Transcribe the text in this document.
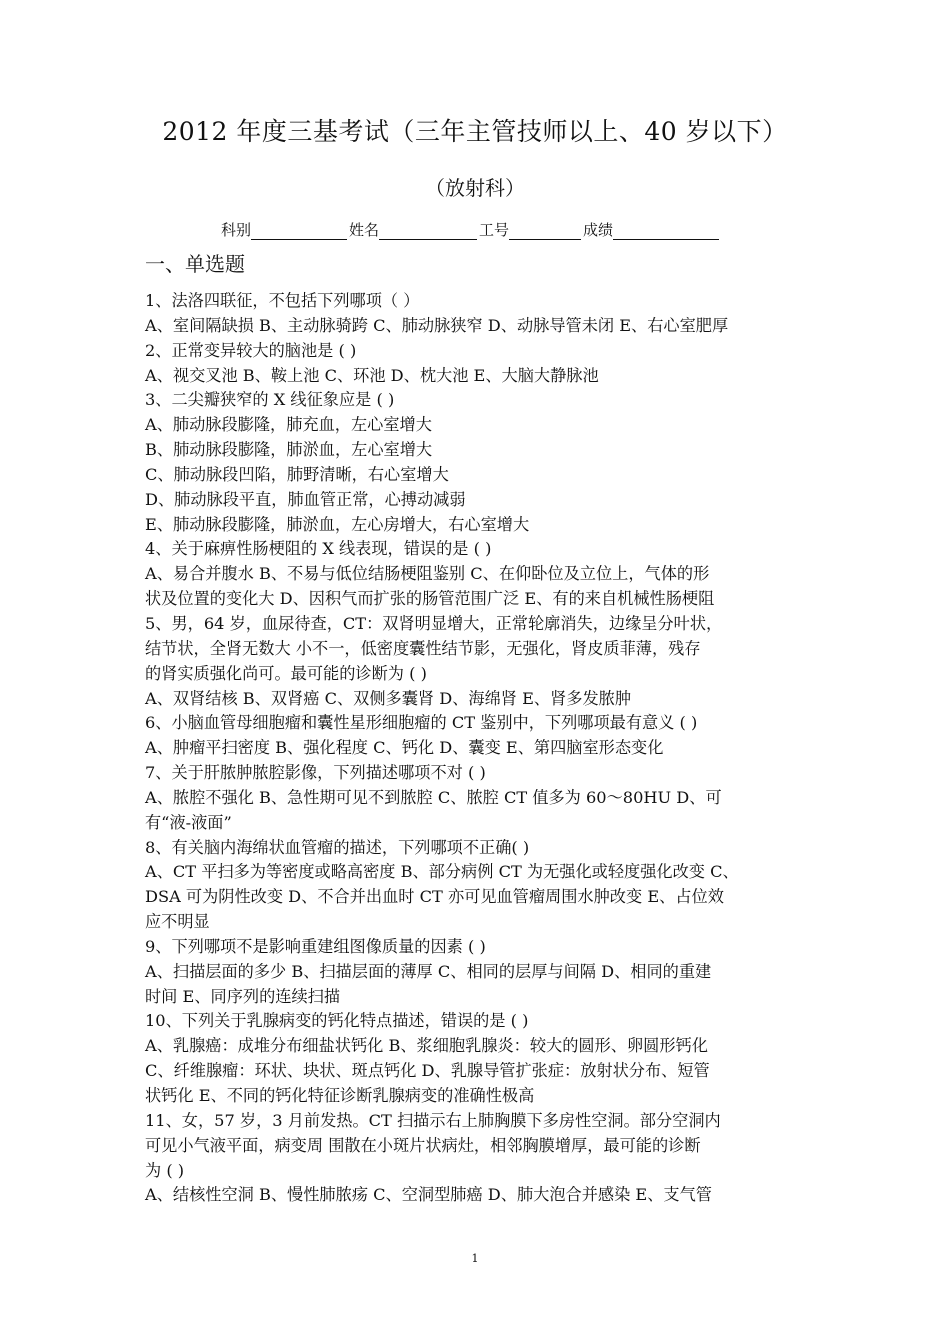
2012 年度三基考试（三年主管技师以上、40 岁以下）
（放射科）
科别	姓名	工号	成绩
一、单选题
1、法洛四联征，不包括下列哪项（ ）
A、室间隔缺损 B、主动脉骑跨 C、肺动脉狭窄 D、动脉导管未闭 E、右心室肥厚
2、正常变异较大的脑池是 ( )
A、视交叉池 B、鞍上池 C、环池 D、枕大池 E、大脑大静脉池
3、二尖瓣狭窄的 X 线征象应是 ( )
A、肺动脉段膨隆，肺充血，左心室增大
B、肺动脉段膨隆，肺淤血，左心室增大
C、肺动脉段凹陷，肺野清晰，右心室增大
D、肺动脉段平直，肺血管正常，心搏动减弱
E、肺动脉段膨隆，肺淤血，左心房增大，右心室增大
4、关于麻痹性肠梗阻的 X 线表现，错误的是 ( )
A、易合并腹水 B、不易与低位结肠梗阻鉴别 C、在仰卧位及立位上，气体的形
状及位置的变化大 D、因积气而扩张的肠管范围广泛 E、有的来自机械性肠梗阻
5、男，64 岁，血尿待查，CT：双肾明显增大，正常轮廓消失，边缘呈分叶状，
结节状，全肾无数大 小不一，低密度囊性结节影，无强化，肾皮质菲薄，残存
的肾实质强化尚可。最可能的诊断为 ( )
A、双肾结核 B、双肾癌 C、双侧多囊肾 D、海绵肾 E、肾多发脓肿
6、小脑血管母细胞瘤和囊性星形细胞瘤的 CT 鉴别中，下列哪项最有意义 ( )
A、肿瘤平扫密度 B、强化程度 C、钙化 D、囊变 E、第四脑室形态变化
7、关于肝脓肿脓腔影像，下列描述哪项不对 ( )
A、脓腔不强化 B、急性期可见不到脓腔 C、脓腔 CT 值多为 60～80HU D、可
有“液-液面”
8、有关脑内海绵状血管瘤的描述，下列哪项不正确( )
A、CT 平扫多为等密度或略高密度 B、部分病例 CT 为无强化或轻度强化改变 C、
DSA 可为阴性改变 D、不合并出血时 CT 亦可见血管瘤周围水肿改变 E、占位效
应不明显
9、下列哪项不是影响重建组图像质量的因素 ( )
A、扫描层面的多少 B、扫描层面的薄厚 C、相同的层厚与间隔 D、相同的重建
时间 E、同序列的连续扫描
10、下列关于乳腺病变的钙化特点描述，错误的是 ( )
A、乳腺癌：成堆分布细盐状钙化 B、浆细胞乳腺炎：较大的圆形、卵圆形钙化
C、纤维腺瘤：环状、块状、斑点钙化 D、乳腺导管扩张症：放射状分布、短管
状钙化 E、不同的钙化特征诊断乳腺病变的准确性极高
11、女，57 岁，3 月前发热。CT 扫描示右上肺胸膜下多房性空洞。部分空洞内
可见小气液平面，病变周 围散在小斑片状病灶，相邻胸膜增厚，最可能的诊断
为 ( )
A、结核性空洞 B、慢性肺脓疡 C、空洞型肺癌 D、肺大泡合并感染 E、支气管
1
